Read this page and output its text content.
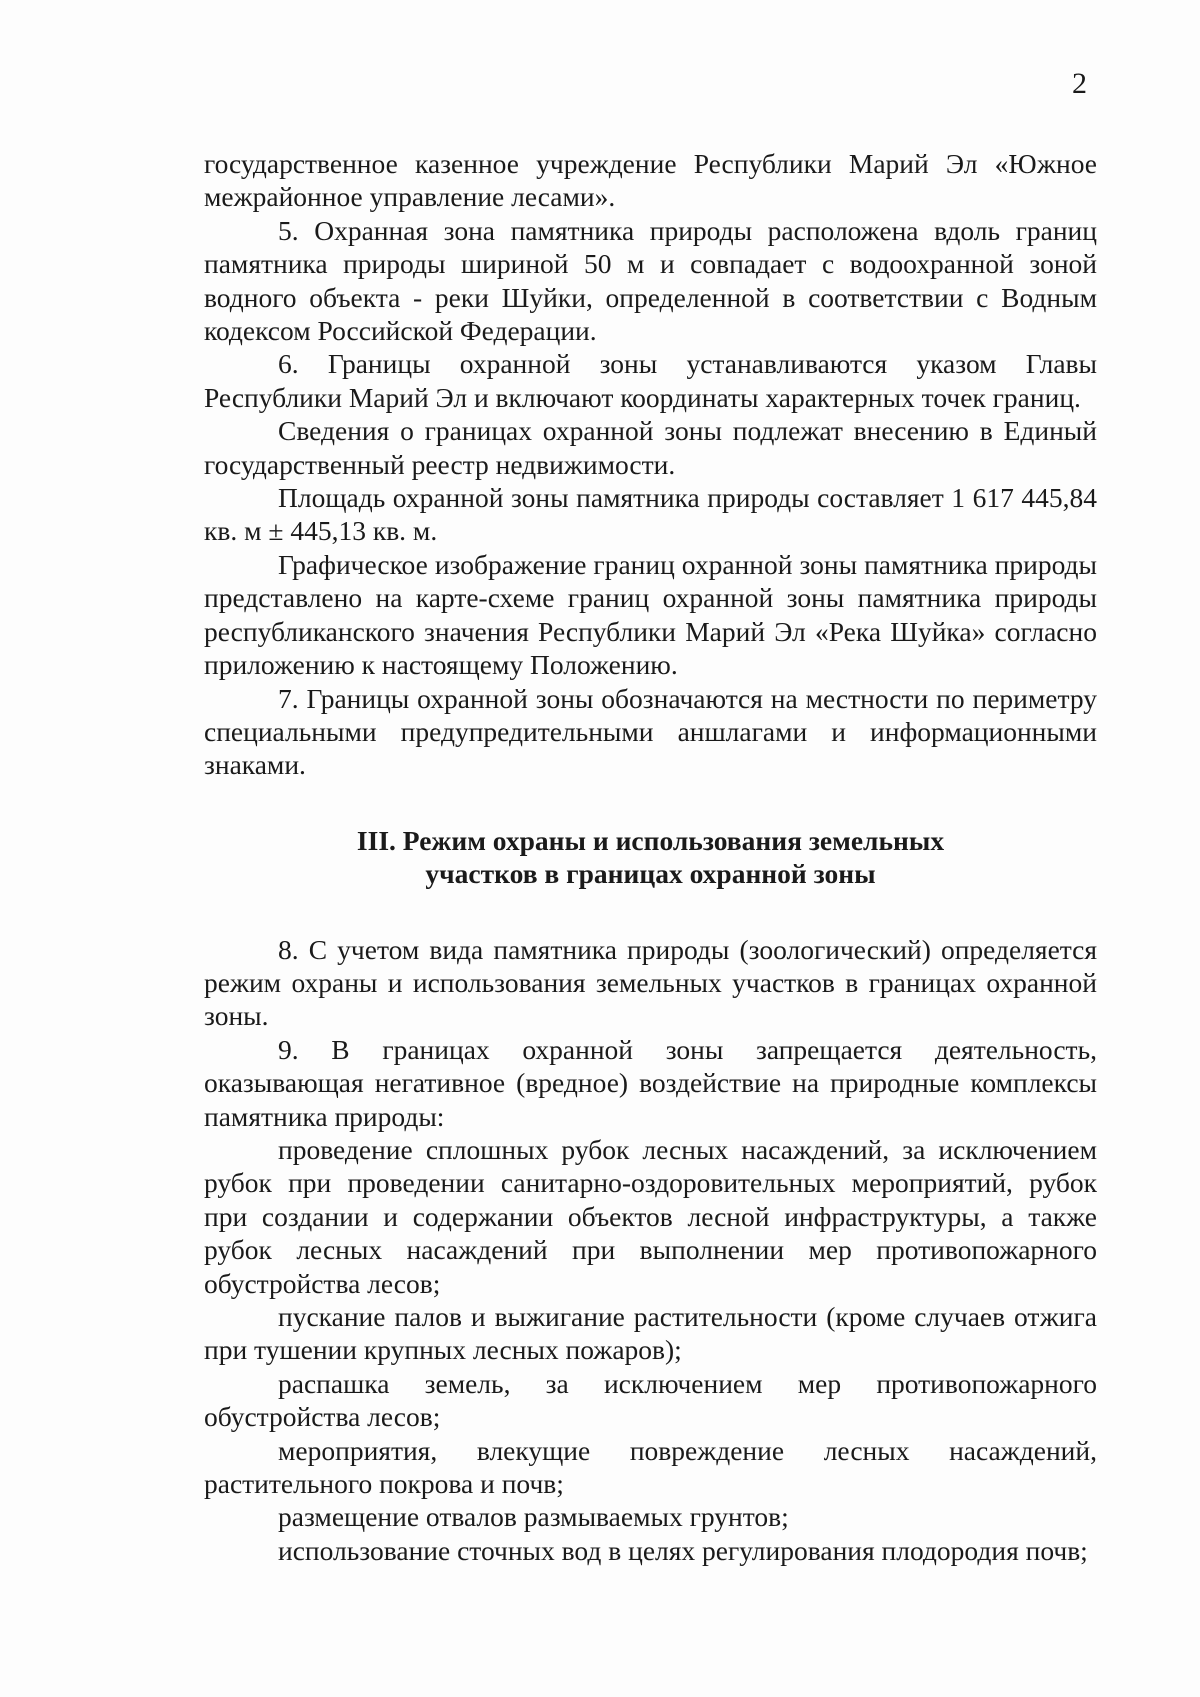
2

государственное казенное учреждение Республики Марий Эл «Южное межрайонное управление лесами».

5. Охранная зона памятника природы расположена вдоль границ памятника природы шириной 50 м и совпадает с водоохранной зоной водного объекта - реки Шуйки, определенной в соответствии с Водным кодексом Российской Федерации.

6. Границы охранной зоны устанавливаются указом Главы Республики Марий Эл и включают координаты характерных точек границ.

Сведения о границах охранной зоны подлежат внесению в Единый государственный реестр недвижимости.

Площадь охранной зоны памятника природы составляет 1 617 445,84 кв. м ± 445,13 кв. м.

Графическое изображение границ охранной зоны памятника природы представлено на карте-схеме границ охранной зоны памятника природы республиканского значения Республики Марий Эл «Река Шуйка» согласно приложению к настоящему Положению.

7. Границы охранной зоны обозначаются на местности по периметру специальными предупредительными аншлагами и информационными знаками.

III. Режим охраны и использования земельных

участков в границах охранной зоны

8. С учетом вида памятника природы (зоологический) определяется режим охраны и использования земельных участков в границах охранной зоны.

9. В границах охранной зоны запрещается деятельность, оказывающая негативное (вредное) воздействие на природные комплексы памятника природы:

проведение сплошных рубок лесных насаждений, за исключением рубок при проведении санитарно-оздоровительных мероприятий, рубок при создании и содержании объектов лесной инфраструктуры, а также рубок лесных насаждений при выполнении мер противопожарного обустройства лесов;

пускание палов и выжигание растительности (кроме случаев отжига при тушении крупных лесных пожаров);

распашка земель, за исключением мер противопожарного обустройства лесов;

мероприятия, влекущие повреждение лесных насаждений, растительного покрова и почв;

размещение отвалов размываемых грунтов;

использование сточных вод в целях регулирования плодородия почв;
